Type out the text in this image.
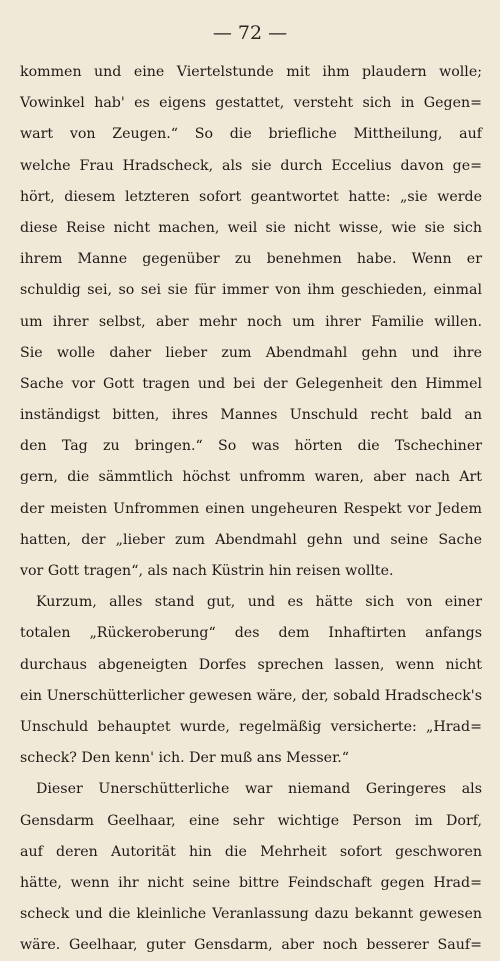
— 72 —

kommen und eine Viertelstunde mit ihm plaudern wolle;
Vowinkel hab' es eigens gestattet, versteht sich in Gegen=
wart von Zeugen.“ So die briefliche Mittheilung, auf
welche Frau Hradscheck, als sie durch Eccelius davon ge=
hört, diesem letzteren sofort geantwortet hatte: „sie werde
diese Reise nicht machen, weil sie nicht wisse, wie sie sich
ihrem Manne gegenüber zu benehmen habe. Wenn er
schuldig sei, so sei sie für immer von ihm geschieden, einmal
um ihrer selbst, aber mehr noch um ihrer Familie willen.
Sie wolle daher lieber zum Abendmahl gehn und ihre
Sache vor Gott tragen und bei der Gelegenheit den Himmel
inständigst bitten, ihres Mannes Unschuld recht bald an
den Tag zu bringen.“ So was hörten die Tschechiner
gern, die sämmtlich höchst unfromm waren, aber nach Art
der meisten Unfrommen einen ungeheuren Respekt vor Jedem
hatten, der „lieber zum Abendmahl gehn und seine Sache
vor Gott tragen“, als nach Küstrin hin reisen wollte.
Kurzum, alles stand gut, und es hätte sich von einer
totalen „Rückeroberung“ des dem Inhaftirten anfangs
durchaus abgeneigten Dorfes sprechen lassen, wenn nicht
ein Unerschütterlicher gewesen wäre, der, sobald Hradscheck's
Unschuld behauptet wurde, regelmäßig versicherte: „Hrad=
scheck? Den kenn' ich. Der muß ans Messer.“
Dieser Unerschütterliche war niemand Geringeres als
Gensdarm Geelhaar, eine sehr wichtige Person im Dorf,
auf deren Autorität hin die Mehrheit sofort geschworen
hätte, wenn ihr nicht seine bittre Feindschaft gegen Hrad=
scheck und die kleinliche Veranlassung dazu bekannt gewesen
wäre. Geelhaar, guter Gensdarm, aber noch besserer Sauf=
